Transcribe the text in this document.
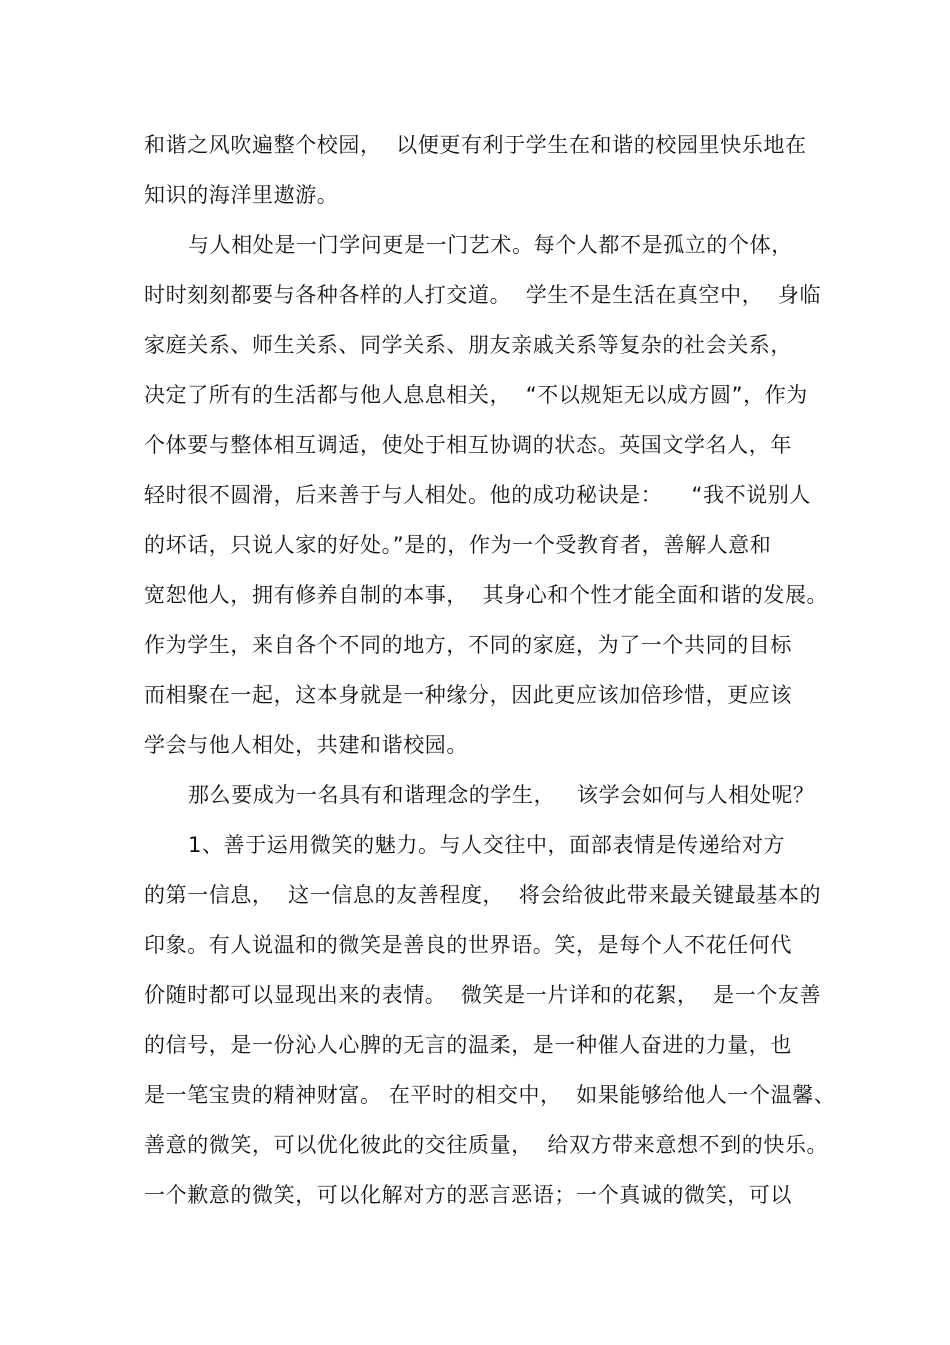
和谐之风吹遍整个校园，  以便更有利于学生在和谐的校园里快乐地在
知识的海洋里遨游。
与人相处是一门学问更是一门艺术。每个人都不是孤立的个体，
时时刻刻都要与各种各样的人打交道。  学生不是生活在真空中，  身临
家庭关系、师生关系、同学关系、朋友亲戚关系等复杂的社会关系，
决定了所有的生活都与他人息息相关，  “不以规矩无以成方圆”，作为
个体要与整体相互调适，使处于相互协调的状态。英国文学名人，年
轻时很不圆滑，后来善于与人相处。他的成功秘诀是：    “我不说别人
的坏话，只说人家的好处。”是的，作为一个受教育者，善解人意和
宽恕他人，拥有修养自制的本事，  其身心和个性才能全面和谐的发展。
作为学生，来自各个不同的地方，不同的家庭，为了一个共同的目标
而相聚在一起，这本身就是一种缘分，因此更应该加倍珍惜，更应该
学会与他人相处，共建和谐校园。
那么要成为一名具有和谐理念的学生，   该学会如何与人相处呢？
1、善于运用微笑的魅力。与人交往中，面部表情是传递给对方
的第一信息，  这一信息的友善程度，  将会给彼此带来最关键最基本的
印象。有人说温和的微笑是善良的世界语。笑，是每个人不花任何代
价随时都可以显现出来的表情。  微笑是一片详和的花絮，  是一个友善
的信号，是一份沁人心脾的无言的温柔，是一种催人奋进的力量，也
是一笔宝贵的精神财富。 在平时的相交中，  如果能够给他人一个温馨、
善意的微笑，可以优化彼此的交往质量，  给双方带来意想不到的快乐。
一个歉意的微笑，可以化解对方的恶言恶语；一个真诚的微笑，可以
